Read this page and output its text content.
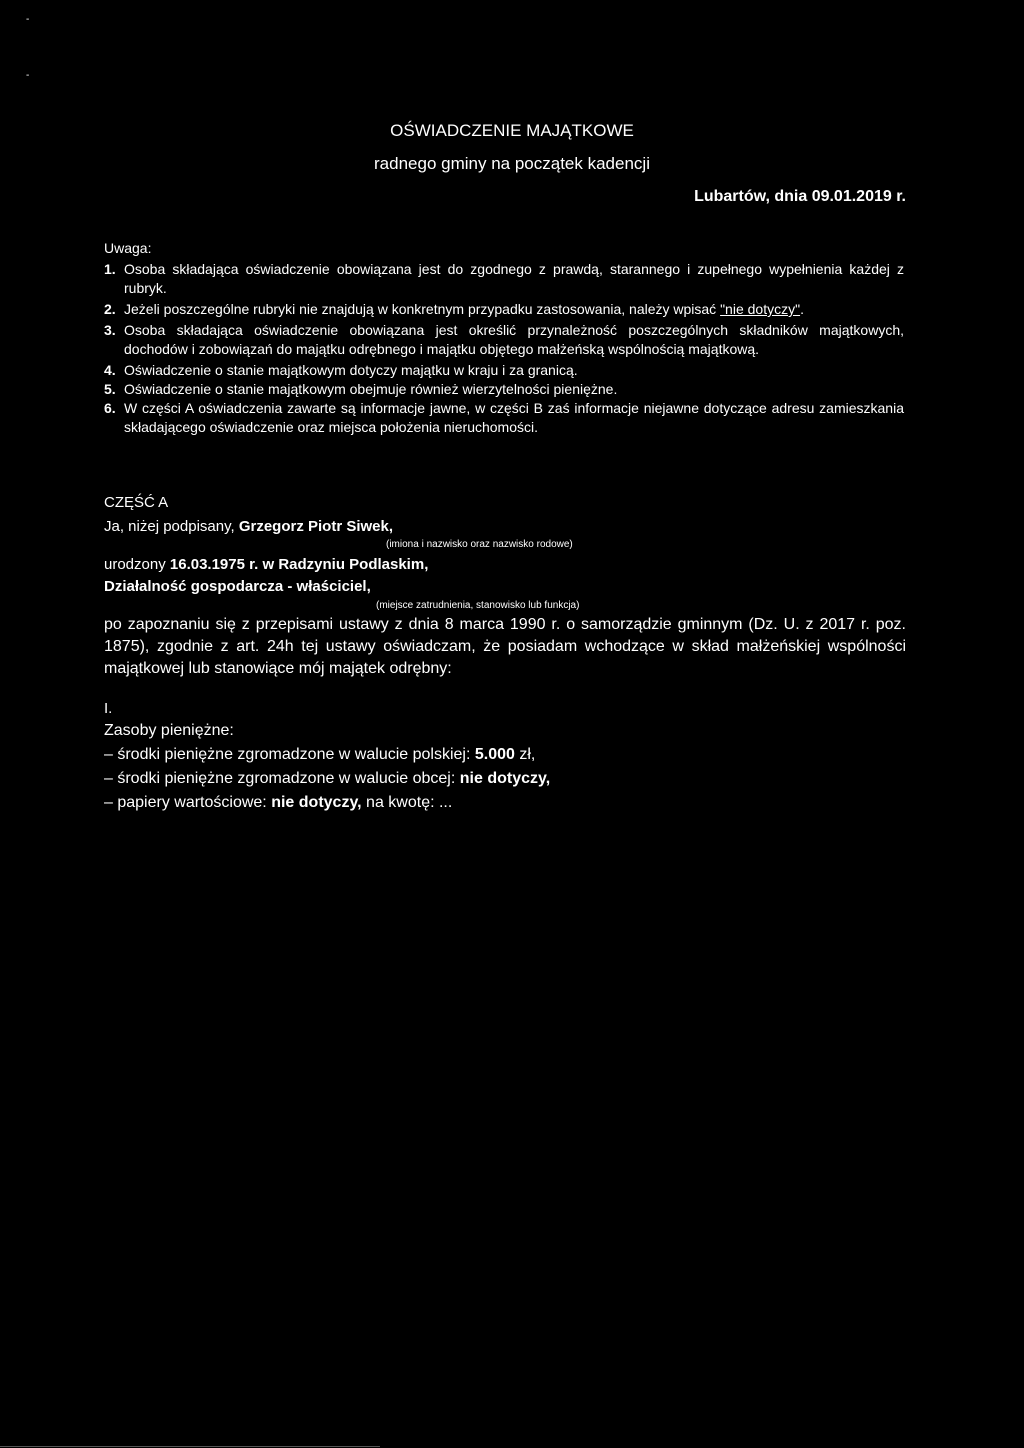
OŚWIADCZENIE MAJĄTKOWE
radnego gminy na początek kadencji
Lubartów, dnia 09.01.2019 r.
Uwaga:
1. Osoba składająca oświadczenie obowiązana jest do zgodnego z prawdą, starannego i zupełnego wypełnienia każdej z rubryk.
2. Jeżeli poszczególne rubryki nie znajdują w konkretnym przypadku zastosowania, należy wpisać "nie dotyczy".
3. Osoba składająca oświadczenie obowiązana jest określić przynależność poszczególnych składników majątkowych, dochodów i zobowiązań do majątku odrębnego i majątku objętego małżeńską wspólnością majątkową.
4. Oświadczenie o stanie majątkowym dotyczy majątku w kraju i za granicą.
5. Oświadczenie o stanie majątkowym obejmuje również wierzytelności pieniężne.
6. W części A oświadczenia zawarte są informacje jawne, w części B zaś informacje niejawne dotyczące adresu zamieszkania składającego oświadczenie oraz miejsca położenia nieruchomości.
CZĘŚĆ A
Ja, niżej podpisany, Grzegorz Piotr Siwek,
(imiona i nazwisko oraz nazwisko rodowe)
urodzony 16.03.1975 r. w Radzyniu Podlaskim,
Działalność gospodarcza - właściciel,
(miejsce zatrudnienia, stanowisko lub funkcja)
po zapoznaniu się z przepisami ustawy z dnia 8 marca 1990 r. o samorządzie gminnym (Dz. U. z 2017 r. poz. 1875), zgodnie z art. 24h tej ustawy oświadczam, że posiadam wchodzące w skład małżeńskiej wspólności majątkowej lub stanowiące mój majątek odrębny:
I.
Zasoby pieniężne:
– środki pieniężne zgromadzone w walucie polskiej: 5.000 zł,
– środki pieniężne zgromadzone w walucie obcej: nie dotyczy,
– papiery wartościowe: nie dotyczy, na kwotę: ...
-
-
